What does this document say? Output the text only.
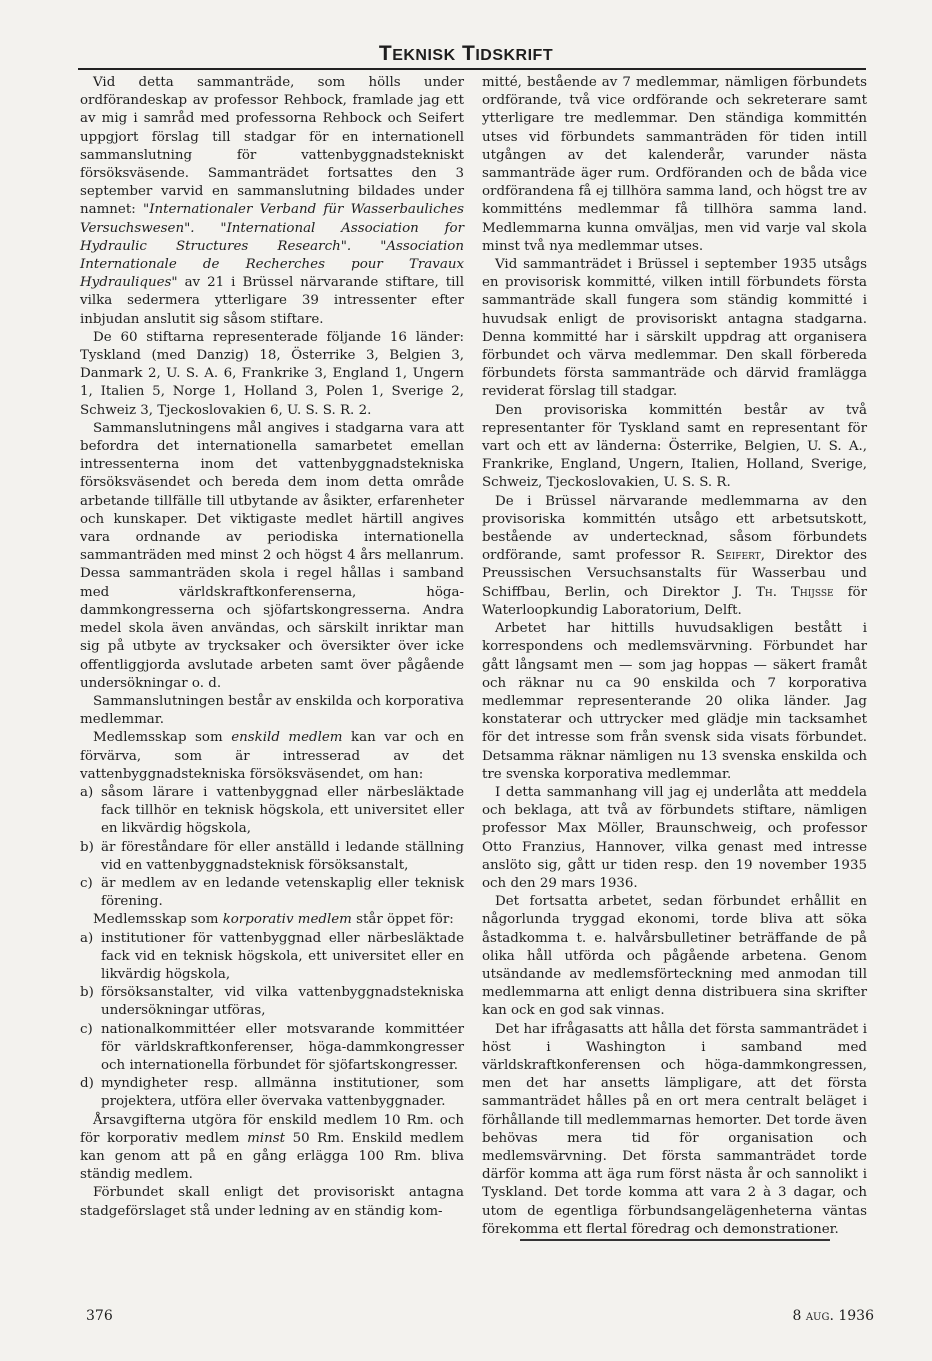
TEKNISK TIDSKRIFT

Vid detta sammanträde, som hölls under ordförandeskap av professor Rehbock, framlade jag ett av mig i samråd med professorna Rehbock och Seifert uppgjort förslag till stadgar för en internationell sammanslutning för vattenbyggnadstekniskt försöksväsende. Sammanträdet fortsattes den 3 september varvid en sammanslutning bildades under namnet: "Internationaler Verband für Wasserbauliches Versuchswesen". "International Association for Hydraulic Structures Research". "Association Internationale de Recherches pour Travaux Hydrauliques" av 21 i Brüssel närvarande stiftare, till vilka sedermera ytterligare 39 intressenter efter inbjudan anslutit sig såsom stiftare.

De 60 stiftarna representerade följande 16 länder: Tyskland (med Danzig) 18, Österrike 3, Belgien 3, Danmark 2, U. S. A. 6, Frankrike 3, England 1, Ungern 1, Italien 5, Norge 1, Holland 3, Polen 1, Sverige 2, Schweiz 3, Tjeckoslovakien 6, U. S. S. R. 2.

Sammanslutningens mål angives i stadgarna vara att befordra det internationella samarbetet emellan intressenterna inom det vattenbyggnadstekniska försöksväsendet och bereda dem inom detta område arbetande tillfälle till utbytande av åsikter, erfarenheter och kunskaper. Det viktigaste medlet härtill angives vara ordnande av periodiska internationella sammanträden med minst 2 och högst 4 års mellanrum. Dessa sammanträden skola i regel hållas i samband med världskraftkonferenserna, höga-dammkongresserna och sjöfartskongresserna. Andra medel skola även användas, och särskilt inriktar man sig på utbyte av trycksaker och översikter över icke offentliggjorda avslutade arbeten samt över pågående undersökningar o. d.

Sammanslutningen består av enskilda och korporativa medlemmar.

Medlemsskap som enskild medlem kan var och en förvärva, som är intresserad av det vattenbyggnadstekniska försöksväsendet, om han:

a) såsom lärare i vattenbyggnad eller närbesläktade fack tillhör en teknisk högskola, ett universitet eller en likvärdig högskola,
b) är föreståndare för eller anställd i ledande ställning vid en vattenbyggnadsteknisk försöksanstalt,
c) är medlem av en ledande vetenskaplig eller teknisk förening.

Medlemsskap som korporativ medlem står öppet för:

a) institutioner för vattenbyggnad eller närbesläktade fack vid en teknisk högskola, ett universitet eller en likvärdig högskola,
b) försöksanstalter, vid vilka vattenbyggnadstekniska undersökningar utföras,
c) nationalkommittéer eller motsvarande kommittéer för världskraftkonferenser, höga-dammkongresser och internationella förbundet för sjöfartskongresser.
d) myndigheter resp. allmänna institutioner, som projektera, utföra eller övervaka vattenbyggnader.

Årsavgifterna utgöra för enskild medlem 10 Rm. och för korporativ medlem minst 50 Rm. Enskild medlem kan genom att på en gång erlägga 100 Rm. bliva ständig medlem.

Förbundet skall enligt det provisoriskt antagna stadgeförslaget stå under ledning av en ständig kom-

mitté, bestående av 7 medlemmar, nämligen förbundets ordförande, två vice ordförande och sekreterare samt ytterligare tre medlemmar. Den ständiga kommittén utses vid förbundets sammanträden för tiden intill utgången av det kalenderår, varunder nästa sammanträde äger rum. Ordföranden och de båda vice ordförandena få ej tillhöra samma land, och högst tre av kommitténs medlemmar få tillhöra samma land. Medlemmarna kunna omväljas, men vid varje val skola minst två nya medlemmar utses.

Vid sammanträdet i Brüssel i september 1935 utsågs en provisorisk kommitté, vilken intill förbundets första sammanträde skall fungera som ständig kommitté i huvudsak enligt de provisoriskt antagna stadgarna. Denna kommitté har i särskilt uppdrag att organisera förbundet och värva medlemmar. Den skall förbereda förbundets första sammanträde och därvid framlägga reviderat förslag till stadgar.

Den provisoriska kommittén består av två representanter för Tyskland samt en representant för vart och ett av länderna: Österrike, Belgien, U. S. A., Frankrike, England, Ungern, Italien, Holland, Sverige, Schweiz, Tjeckoslovakien, U. S. S. R.

De i Brüssel närvarande medlemmarna av den provisoriska kommittén utsågo ett arbetsutskott, bestående av undertecknad, såsom förbundets ordförande, samt professor R. Seifert, Direktor des Preussischen Versuchsanstalts für Wasserbau und Schiffbau, Berlin, och Direktor J. Th. Thijsse för Waterloopkundig Laboratorium, Delft.

Arbetet har hittills huvudsakligen bestått i korrespondens och medlemsvärvning. Förbundet har gått långsamt men — som jag hoppas — säkert framåt och räknar nu ca 90 enskilda och 7 korporativa medlemmar representerande 20 olika länder. Jag konstaterar och uttrycker med glädje min tacksamhet för det intresse som från svensk sida visats förbundet. Detsamma räknar nämligen nu 13 svenska enskilda och tre svenska korporativa medlemmar.

I detta sammanhang vill jag ej underlåta att meddela och beklaga, att två av förbundets stiftare, nämligen professor Max Möller, Braunschweig, och professor Otto Franzius, Hannover, vilka genast med intresse anslöto sig, gått ur tiden resp. den 19 november 1935 och den 29 mars 1936.

Det fortsatta arbetet, sedan förbundet erhållit en någorlunda tryggad ekonomi, torde bliva att söka åstadkomma t. e. halvårsbulletiner beträffande de på olika håll utförda och pågående arbetena. Genom utsändande av medlemsförteckning med anmodan till medlemmarna att enligt denna distribuera sina skrifter kan ock en god sak vinnas.

Det har ifrågasatts att hålla det första sammanträdet i höst i Washington i samband med världskraftkonferensen och höga-dammkongressen, men det har ansetts lämpligare, att det första sammanträdet hålles på en ort mera centralt beläget i förhållande till medlemmarnas hemorter. Det torde även behövas mera tid för organisation och medlemsvärvning. Det första sammanträdet torde därför komma att äga rum först nästa år och sannolikt i Tyskland. Det torde komma att vara 2 à 3 dagar, och utom de egentliga förbundsangelägenheterna väntas förekomma ett flertal föredrag och demonstrationer.

376	8 aug. 1936
